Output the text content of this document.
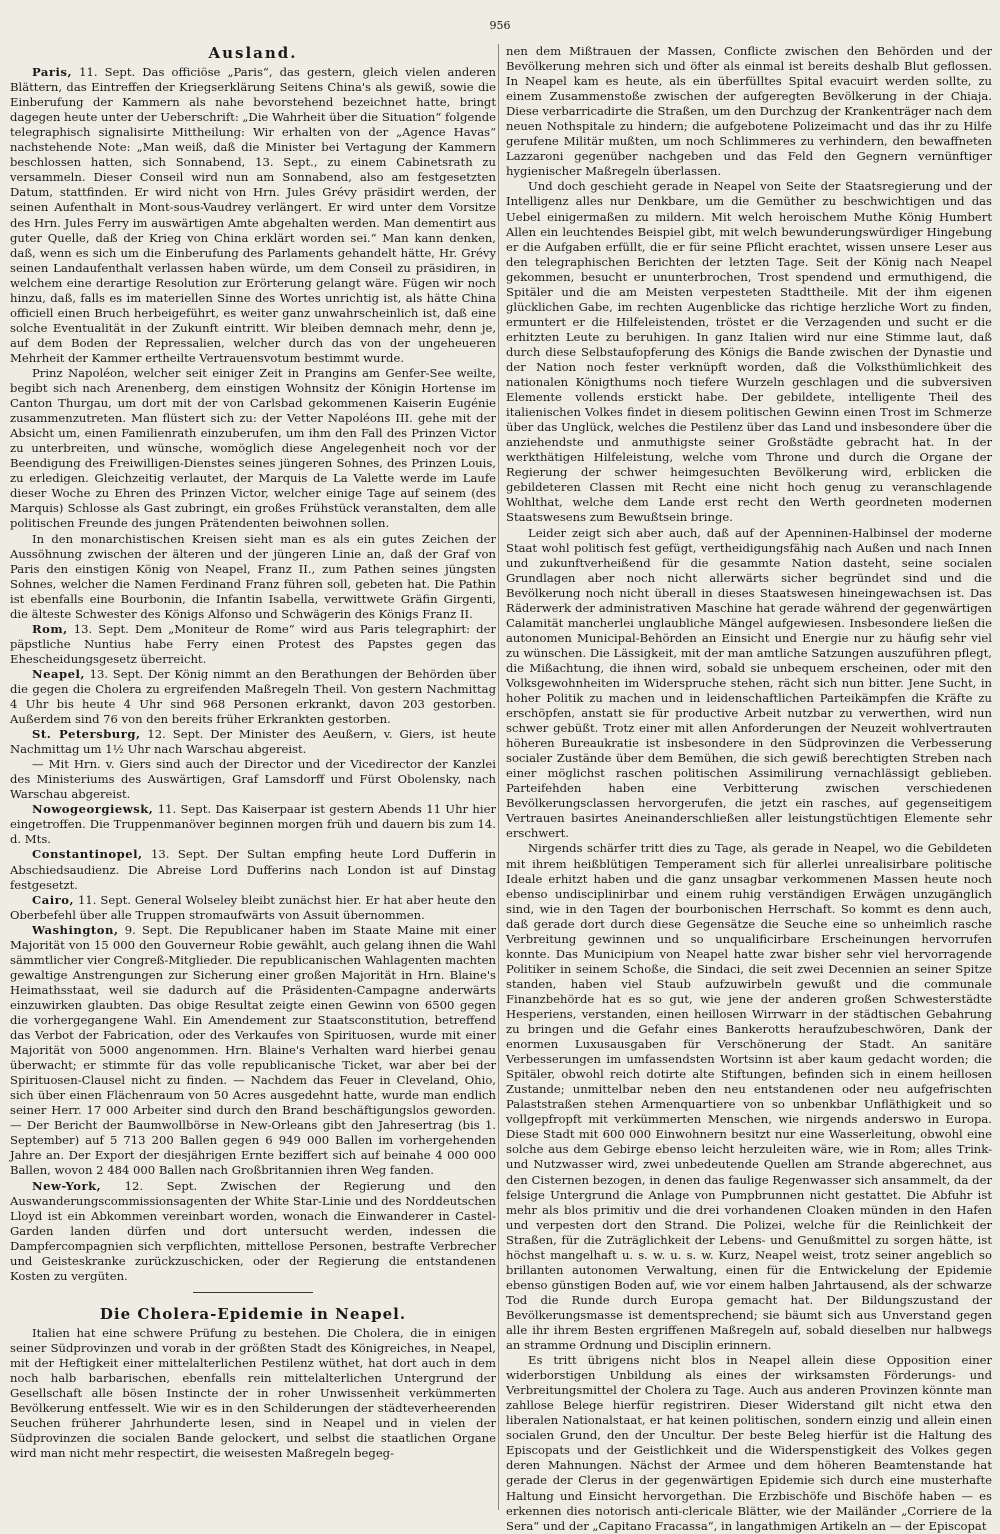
956
Ausland.

Paris, 11. Sept. Das officiöse „Paris“, das gestern, gleich vielen anderen Blättern, das Eintreffen der Kriegserklärung Seitens China's als gewiß, sowie die Einberufung der Kammern als nahe bevorstehend bezeichnet hatte, bringt dagegen heute unter der Ueberschrift: „Die Wahrheit über die Situation“ folgende telegraphisch signalisirte Mittheilung: Wir erhalten von der „Agence Havas“ nachstehende Note: „Man weiß, daß die Minister bei Vertagung der Kammern beschlossen hatten, sich Sonnabend, 13. Sept., zu einem Cabinetsrath zu versammeln. Dieser Conseil wird nun am Sonnabend, also am festgesetzten Datum, stattfinden. Er wird nicht von Hrn. Jules Grévy präsidirt werden, der seinen Aufenthalt in Mont-sous-Vaudrey verlängert. Er wird unter dem Vorsitze des Hrn. Jules Ferry im auswärtigen Amte abgehalten werden. Man dementirt aus guter Quelle, daß der Krieg von China erklärt worden sei.“ Man kann denken, daß, wenn es sich um die Einberufung des Parlaments gehandelt hätte, Hr. Grévy seinen Landaufenthalt verlassen haben würde, um dem Conseil zu präsidiren, in welchem eine derartige Resolution zur Erörterung gelangt wäre. Fügen wir noch hinzu, daß, falls es im materiellen Sinne des Wortes unrichtig ist, als hätte China officiell einen Bruch herbeigeführt, es weiter ganz unwahrscheinlich ist, daß eine solche Eventualität in der Zukunft eintritt. Wir bleiben demnach mehr, denn je, auf dem Boden der Repressalien, welcher durch das von der ungeheueren Mehrheit der Kammer ertheilte Vertrauensvotum bestimmt wurde.

Prinz Napoléon, welcher seit einiger Zeit in Prangins am Genfer-See weilte, begibt sich nach Arenenberg, dem einstigen Wohnsitz der Königin Hortense im Canton Thurgau, um dort mit der von Carlsbad gekommenen Kaiserin Eugénie zusammenzutreten. Man flüstert sich zu: der Vetter Napoléons III. gehe mit der Absicht um, einen Familienrath einzuberufen, um ihm den Fall des Prinzen Victor zu unterbreiten, und wünsche, womöglich diese Angelegenheit noch vor der Beendigung des Freiwilligen-Dienstes seines jüngeren Sohnes, des Prinzen Louis, zu erledigen. Gleichzeitig verlautet, der Marquis de La Valette werde im Laufe dieser Woche zu Ehren des Prinzen Victor, welcher einige Tage auf seinem (des Marquis) Schlosse als Gast zubringt, ein großes Frühstück veranstalten, dem alle politischen Freunde des jungen Prätendenten beiwohnen sollen.

In den monarchistischen Kreisen sieht man es als ein gutes Zeichen der Aussöhnung zwischen der älteren und der jüngeren Linie an, daß der Graf von Paris den einstigen König von Neapel, Franz II., zum Pathen seines jüngsten Sohnes, welcher die Namen Ferdinand Franz führen soll, gebeten hat. Die Pathin ist ebenfalls eine Bourbonin, die Infantin Isabella, verwittwete Gräfin Girgenti, die älteste Schwester des Königs Alfonso und Schwägerin des Königs Franz II.

Rom, 13. Sept. Dem „Moniteur de Rome“ wird aus Paris telegraphirt: der päpstliche Nuntius habe Ferry einen Protest des Papstes gegen das Ehescheidungsgesetz überreicht.

Neapel, 13. Sept. Der König nimmt an den Berathungen der Behörden über die gegen die Cholera zu ergreifenden Maßregeln Theil. Von gestern Nachmittag 4 Uhr bis heute 4 Uhr sind 968 Personen erkrankt, davon 203 gestorben. Außerdem sind 76 von den bereits früher Erkrankten gestorben.

St. Petersburg, 12. Sept. Der Minister des Aeußern, v. Giers, ist heute Nachmittag um 1½ Uhr nach Warschau abgereist.

— Mit Hrn. v. Giers sind auch der Director und der Vicedirector der Kanzlei des Ministeriums des Auswärtigen, Graf Lamsdorff und Fürst Obolensky, nach Warschau abgereist.

Nowogeorgiewsk, 11. Sept. Das Kaiserpaar ist gestern Abends 11 Uhr hier eingetroffen. Die Truppenmanöver beginnen morgen früh und dauern bis zum 14. d. Mts.

Constantinopel, 13. Sept. Der Sultan empfing heute Lord Dufferin in Abschiedsaudienz. Die Abreise Lord Dufferins nach London ist auf Dinstag festgesetzt.

Cairo, 11. Sept. General Wolseley bleibt zunächst hier. Er hat aber heute den Oberbefehl über alle Truppen stromaufwärts von Assuit übernommen.

Washington, 9. Sept. Die Republicaner haben im Staate Maine mit einer Majorität von 15 000 den Gouverneur Robie gewählt, auch gelang ihnen die Wahl sämmtlicher vier Congreß-Mitglieder. Die republicanischen Wahlagenten machten gewaltige Anstrengungen zur Sicherung einer großen Majorität in Hrn. Blaine's Heimathsstaat, weil sie dadurch auf die Präsidenten-Campagne anderwärts einzuwirken glaubten. Das obige Resultat zeigte einen Gewinn von 6500 gegen die vorhergegangene Wahl. Ein Amendement zur Staatsconstitution, betreffend das Verbot der Fabrication, oder des Verkaufes von Spirituosen, wurde mit einer Majorität von 5000 angenommen. Hrn. Blaine's Verhalten ward hierbei genau überwacht; er stimmte für das volle republicanische Ticket, war aber bei der Spirituosen-Clausel nicht zu finden. — Nachdem das Feuer in Cleveland, Ohio, sich über einen Flächenraum von 50 Acres ausgedehnt hatte, wurde man endlich seiner Herr. 17 000 Arbeiter sind durch den Brand beschäftigungslos geworden. — Der Bericht der Baumwollbörse in New-Orleans gibt den Jahresertrag (bis 1. September) auf 5 713 200 Ballen gegen 6 949 000 Ballen im vorhergehenden Jahre an. Der Export der diesjährigen Ernte beziffert sich auf beinahe 4 000 000 Ballen, wovon 2 484 000 Ballen nach Großbritannien ihren Weg fanden.

New-York, 12. Sept. Zwischen der Regierung und den Auswanderungscommissionsagenten der White Star-Linie und des Norddeutschen Lloyd ist ein Abkommen vereinbart worden, wonach die Einwanderer in Castel-Garden landen dürfen und dort untersucht werden, indessen die Dampfercompagnien sich verpflichten, mittellose Personen, bestrafte Verbrecher und Geisteskranke zurückzuschicken, oder der Regierung die entstandenen Kosten zu vergüten.

Die Cholera-Epidemie in Neapel.

Italien hat eine schwere Prüfung zu bestehen. Die Cholera, die in einigen seiner Südprovinzen und vorab in der größten Stadt des Königreiches, in Neapel, mit der Heftigkeit einer mittelalterlichen Pestilenz wüthet, hat dort auch in dem noch halb barbarischen, ebenfalls rein mittelalterlichen Untergrund der Gesellschaft alle bösen Instincte der in roher Unwissenheit verkümmerten Bevölkerung entfesselt. Wie wir es in den Schilderungen der städteverheerenden Seuchen früherer Jahrhunderte lesen, sind in Neapel und in vielen der Südprovinzen die socialen Bande gelockert, und selbst die staatlichen Organe wird man nicht mehr respectirt, die weisesten Maßregeln begeg-

nen dem Mißtrauen der Massen, Conflicte zwischen den Behörden und der Bevölkerung mehren sich und öfter als einmal ist bereits deshalb Blut geflossen. In Neapel kam es heute, als ein überfülltes Spital evacuirt werden sollte, zu einem Zusammenstoße zwischen der aufgeregten Bevölkerung in der Chiaja. Diese verbarricadirte die Straßen, um den Durchzug der Krankenträger nach dem neuen Nothspitale zu hindern; die aufgebotene Polizeimacht und das ihr zu Hilfe gerufene Militär mußten, um noch Schlimmeres zu verhindern, den bewaffneten Lazzaroni gegenüber nachgeben und das Feld den Gegnern vernünftiger hygienischer Maßregeln überlassen.

Und doch geschieht gerade in Neapel von Seite der Staatsregierung und der Intelligenz alles nur Denkbare, um die Gemüther zu beschwichtigen und das Uebel einigermaßen zu mildern. Mit welch heroischem Muthe König Humbert Allen ein leuchtendes Beispiel gibt, mit welch bewunderungswürdiger Hingebung er die Aufgaben erfüllt, die er für seine Pflicht erachtet, wissen unsere Leser aus den telegraphischen Berichten der letzten Tage. Seit der König nach Neapel gekommen, besucht er ununterbrochen, Trost spendend und ermuthigend, die Spitäler und die am Meisten verpesteten Stadttheile. Mit der ihm eigenen glücklichen Gabe, im rechten Augenblicke das richtige herzliche Wort zu finden, ermuntert er die Hilfeleistenden, tröstet er die Verzagenden und sucht er die erhitzten Leute zu beruhigen. In ganz Italien wird nur eine Stimme laut, daß durch diese Selbstaufopferung des Königs die Bande zwischen der Dynastie und der Nation noch fester verknüpft worden, daß die Volksthümlichkeit des nationalen Königthums noch tiefere Wurzeln geschlagen und die subversiven Elemente vollends erstickt habe. Der gebildete, intelligente Theil des italienischen Volkes findet in diesem politischen Gewinn einen Trost im Schmerze über das Unglück, welches die Pestilenz über das Land und insbesondere über die anziehendste und anmuthigste seiner Großstädte gebracht hat. In der werkthätigen Hilfeleistung, welche vom Throne und durch die Organe der Regierung der schwer heimgesuchten Bevölkerung wird, erblicken die gebildeteren Classen mit Recht eine nicht hoch genug zu veranschlagende Wohlthat, welche dem Lande erst recht den Werth geordneten modernen Staatswesens zum Bewußtsein bringe.

Leider zeigt sich aber auch, daß auf der Apenninen-Halbinsel der moderne Staat wohl politisch fest gefügt, vertheidigungsfähig nach Außen und nach Innen und zukunftverheißend für die gesammte Nation dasteht, seine socialen Grundlagen aber noch nicht allerwärts sicher begründet sind und die Bevölkerung noch nicht überall in dieses Staatswesen hineingewachsen ist. Das Räderwerk der administrativen Maschine hat gerade während der gegenwärtigen Calamität mancherlei unglaubliche Mängel aufgewiesen. Insbesondere ließen die autonomen Municipal-Behörden an Einsicht und Energie nur zu häufig sehr viel zu wünschen. Die Lässigkeit, mit der man amtliche Satzungen auszuführen pflegt, die Mißachtung, die ihnen wird, sobald sie unbequem erscheinen, oder mit den Volksgewohnheiten im Widerspruche stehen, rächt sich nun bitter. Jene Sucht, in hoher Politik zu machen und in leidenschaftlichen Parteikämpfen die Kräfte zu erschöpfen, anstatt sie für productive Arbeit nutzbar zu verwerthen, wird nun schwer gebüßt. Trotz einer mit allen Anforderungen der Neuzeit wohlvertrauten höheren Bureaukratie ist insbesondere in den Südprovinzen die Verbesserung socialer Zustände über dem Bemühen, die sich gewiß berechtigten Streben nach einer möglichst raschen politischen Assimilirung vernachlässigt geblieben. Parteifehden haben eine Verbitterung zwischen verschiedenen Bevölkerungsclassen hervorgerufen, die jetzt ein rasches, auf gegenseitigem Vertrauen basirtes Aneinanderschließen aller leistungstüchtigen Elemente sehr erschwert.

Nirgends schärfer tritt dies zu Tage, als gerade in Neapel, wo die Gebildeten mit ihrem heißblütigen Temperament sich für allerlei unrealisirbare politische Ideale erhitzt haben und die ganz unsagbar verkommenen Massen heute noch ebenso undisciplinirbar und einem ruhig verständigen Erwägen unzugänglich sind, wie in den Tagen der bourbonischen Herrschaft. So kommt es denn auch, daß gerade dort durch diese Gegensätze die Seuche eine so unheimlich rasche Verbreitung gewinnen und so unqualificirbare Erscheinungen hervorrufen konnte. Das Municipium von Neapel hatte zwar bisher sehr viel hervorragende Politiker in seinem Schoße, die Sindaci, die seit zwei Decennien an seiner Spitze standen, haben viel Staub aufzuwirbeln gewußt und die communale Finanzbehörde hat es so gut, wie jene der anderen großen Schwesterstädte Hesperiens, verstanden, einen heillosen Wirrwarr in der städtischen Gebahrung zu bringen und die Gefahr eines Bankerotts heraufzubeschwören, Dank der enormen Luxusausgaben für Verschönerung der Stadt. An sanitäre Verbesserungen im umfassendsten Wortsinn ist aber kaum gedacht worden; die Spitäler, obwohl reich dotirte alte Stiftungen, befinden sich in einem heillosen Zustande; unmittelbar neben den neu entstandenen oder neu aufgefrischten Palaststraßen stehen Armenquartiere von so unbenkbar Unfläthigkeit und so vollgepfropft mit verkümmerten Menschen, wie nirgends anderswo in Europa. Diese Stadt mit 600 000 Einwohnern besitzt nur eine Wasserleitung, obwohl eine solche aus dem Gebirge ebenso leicht herzuleiten wäre, wie in Rom; alles Trink- und Nutzwasser wird, zwei unbedeutende Quellen am Strande abgerechnet, aus den Cisternen bezogen, in denen das faulige Regenwasser sich ansammelt, da der felsige Untergrund die Anlage von Pumpbrunnen nicht gestattet. Die Abfuhr ist mehr als blos primitiv und die drei vorhandenen Cloaken münden in den Hafen und verpesten dort den Strand. Die Polizei, welche für die Reinlichkeit der Straßen, für die Zuträglichkeit der Lebens- und Genußmittel zu sorgen hätte, ist höchst mangelhaft u. s. w. u. s. w. Kurz, Neapel weist, trotz seiner angeblich so brillanten autonomen Verwaltung, einen für die Entwickelung der Epidemie ebenso günstigen Boden auf, wie vor einem halben Jahrtausend, als der schwarze Tod die Runde durch Europa gemacht hat. Der Bildungszustand der Bevölkerungsmasse ist dementsprechend; sie bäumt sich aus Unverstand gegen alle ihr ihrem Besten ergriffenen Maßregeln auf, sobald dieselben nur halbwegs an stramme Ordnung und Disciplin erinnern.

Es tritt übrigens nicht blos in Neapel allein diese Opposition einer widerborstigen Unbildung als eines der wirksamsten Förderungs- und Verbreitungsmittel der Cholera zu Tage. Auch aus anderen Provinzen könnte man zahllose Belege hierfür registriren. Dieser Widerstand gilt nicht etwa den liberalen Nationalstaat, er hat keinen politischen, sondern einzig und allein einen socialen Grund, den der Uncultur. Der beste Beleg hierfür ist die Haltung des Episcopats und der Geistlichkeit und die Widerspenstigkeit des Volkes gegen deren Mahnungen. Nächst der Armee und dem höheren Beamtenstande hat gerade der Clerus in der gegenwärtigen Epidemie sich durch eine musterhafte Haltung und Einsicht hervorgethan. Die Erzbischöfe und Bischöfe haben — es erkennen dies notorisch anti-clericale Blätter, wie der Mailänder „Corriere de la Sera“ und der „Capitano Fracassa“, in langathmigen Artikeln an — der Episcopat
